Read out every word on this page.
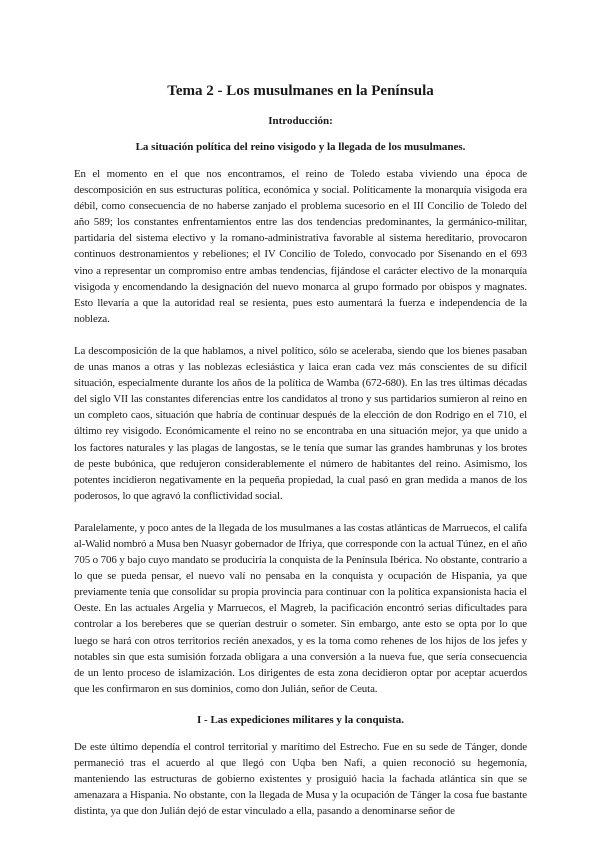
Tema 2 - Los musulmanes en la Península
Introducción:
La situación política del reino visigodo y la llegada de los musulmanes.

En el momento en el que nos encontramos, el reino de Toledo estaba viviendo una época de descomposición en sus estructuras política, económica y social. Políticamente la monarquía visigoda era débil, como consecuencia de no haberse zanjado el problema sucesorio en el III Concilio de Toledo del año 589; los constantes enfrentamientos entre las dos tendencias predominantes, la germánico-militar, partidaria del sistema electivo y la romano-administrativa favorable al sistema hereditario, provocaron continuos destronamientos y rebeliones; el IV Concilio de Toledo, convocado por Sisenando en el 693 vino a representar un compromiso entre ambas tendencias, fijándose el carácter electivo de la monarquía visigoda y encomendando la designación del nuevo monarca al grupo formado por obispos y magnates. Esto llevaría a que la autoridad real se resienta, pues esto aumentará la fuerza e independencia de la nobleza.

La descomposición de la que hablamos, a nivel político, sólo se aceleraba, siendo que los bienes pasaban de unas manos a otras y las noblezas eclesiástica y laica eran cada vez más conscientes de su difícil situación, especialmente durante los años de la política de Wamba (672-680). En las tres últimas décadas del siglo VII las constantes diferencias entre los candidatos al trono y sus partidarios sumieron al reino en un completo caos, situación que habría de continuar después de la elección de don Rodrigo en el 710, el último rey visigodo. Económicamente el reino no se encontraba en una situación mejor, ya que unido a los factores naturales y las plagas de langostas, se le tenía que sumar las grandes hambrunas y los brotes de peste bubónica, que redujeron considerablemente el número de habitantes del reino. Asimismo, los potentes incidieron negativamente en la pequeña propiedad, la cual pasó en gran medida a manos de los poderosos, lo que agravó la conflictividad social.

Paralelamente, y poco antes de la llegada de los musulmanes a las costas atlánticas de Marruecos, el califa al-Walid nombró a Musa ben Nuasyr gobernador de Ifriya, que corresponde con la actual Túnez, en el año 705 o 706 y bajo cuyo mandato se produciría la conquista de la Península Ibérica. No obstante, contrario a lo que se pueda pensar, el nuevo valí no pensaba en la conquista y ocupación de Hispania, ya que previamente tenía que consolidar su propia provincia para continuar con la política expansionista hacia el Oeste. En las actuales Argelia y Marruecos, el Magreb, la pacificación encontró serias dificultades para controlar a los bereberes que se querían destruir o someter. Sin embargo, ante esto se opta por lo que luego se hará con otros territorios recién anexados, y es la toma como rehenes de los hijos de los jefes y notables sin que esta sumisión forzada obligara a una conversión a la nueva fue, que sería consecuencia de un lento proceso de islamización. Los dirigentes de esta zona decidieron optar por aceptar acuerdos que les confirmaron en sus dominios, como don Julián, señor de Ceuta.

I - Las expediciones militares y la conquista.

De este último dependía el control territorial y marítimo del Estrecho. Fue en su sede de Tánger, donde permaneció tras el acuerdo al que llegó con Uqba ben Nafí, a quien reconoció su hegemonía, manteniendo las estructuras de gobierno existentes y prosiguió hacia la fachada atlántica sin que se amenazara a Hispania. No obstante, con la llegada de Musa y la ocupación de Tánger la cosa fue bastante distinta, ya que don Julián dejó de estar vinculado a ella, pasando a denominarse señor de
